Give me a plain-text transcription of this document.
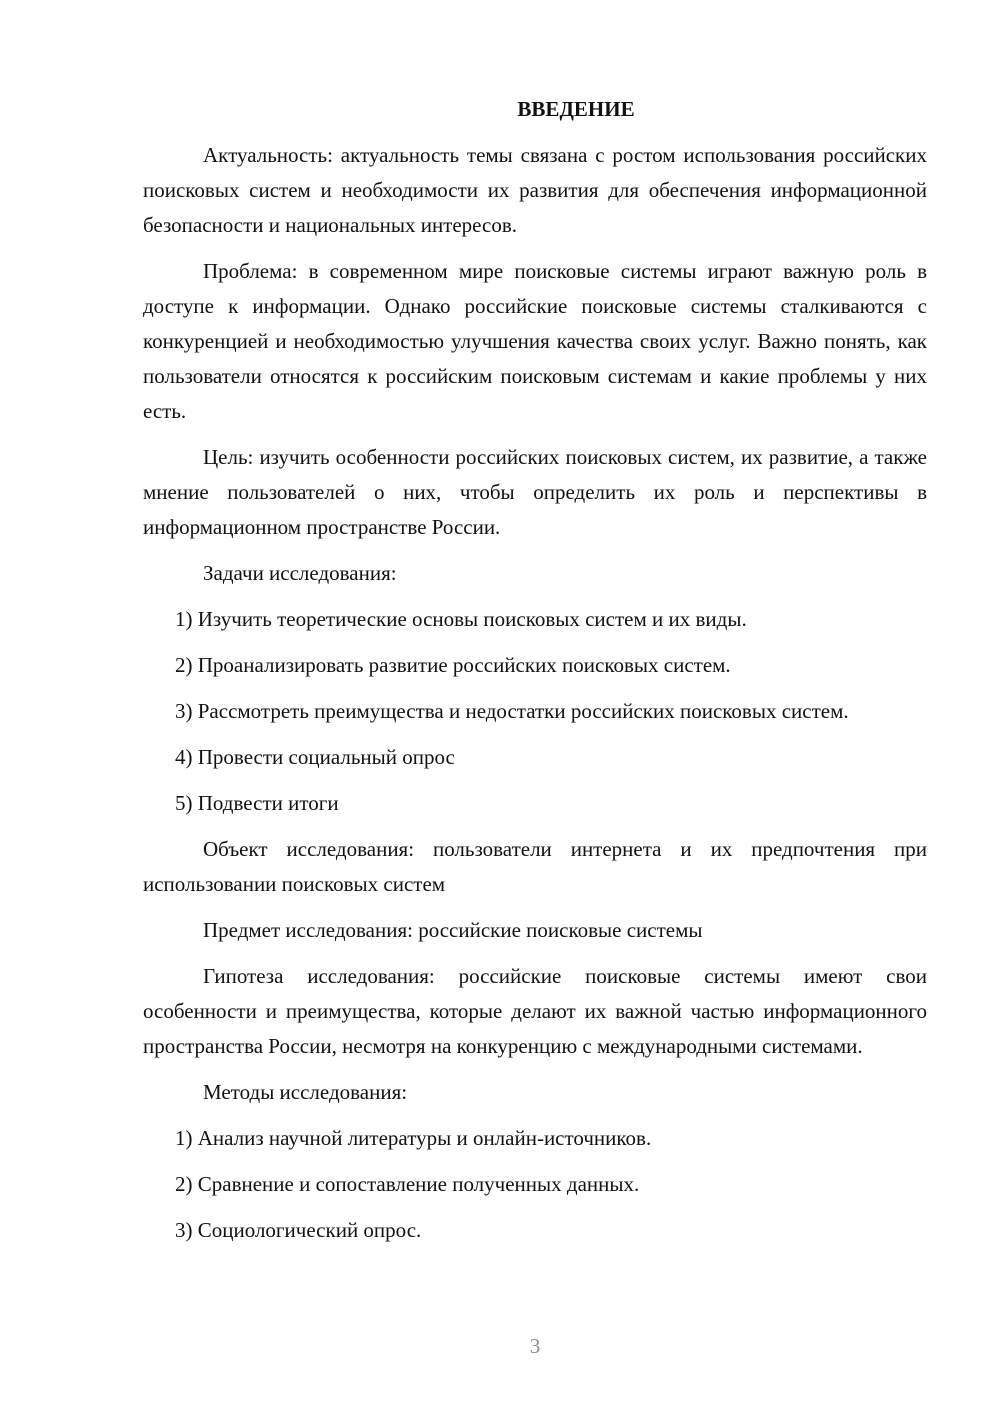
ВВЕДЕНИЕ

Актуальность: актуальность темы связана с ростом использования российских поисковых систем и необходимости их развития для обеспечения информационной безопасности и национальных интересов.

Проблема: в современном мире поисковые системы играют важную роль в доступе к информации. Однако российские поисковые системы сталкиваются с конкуренцией и необходимостью улучшения качества своих услуг. Важно понять, как пользователи относятся к российским поисковым системам и какие проблемы у них есть.

Цель: изучить особенности российских поисковых систем, их развитие, а также мнение пользователей о них, чтобы определить их роль и перспективы в информационном пространстве России.

Задачи исследования:

1) Изучить теоретические основы поисковых систем и их виды.

2) Проанализировать развитие российских поисковых систем.

3) Рассмотреть преимущества и недостатки российских поисковых систем.

4) Провести социальный опрос

5) Подвести итоги

Объект исследования: пользователи интернета и их предпочтения при использовании поисковых систем

Предмет исследования: российские поисковые системы

Гипотеза исследования: российские поисковые системы имеют свои особенности и преимущества, которые делают их важной частью информационного пространства России, несмотря на конкуренцию с международными системами.

Методы исследования:

1) Анализ научной литературы и онлайн-источников.

2) Сравнение и сопоставление полученных данных.

3) Социологический опрос.

3
